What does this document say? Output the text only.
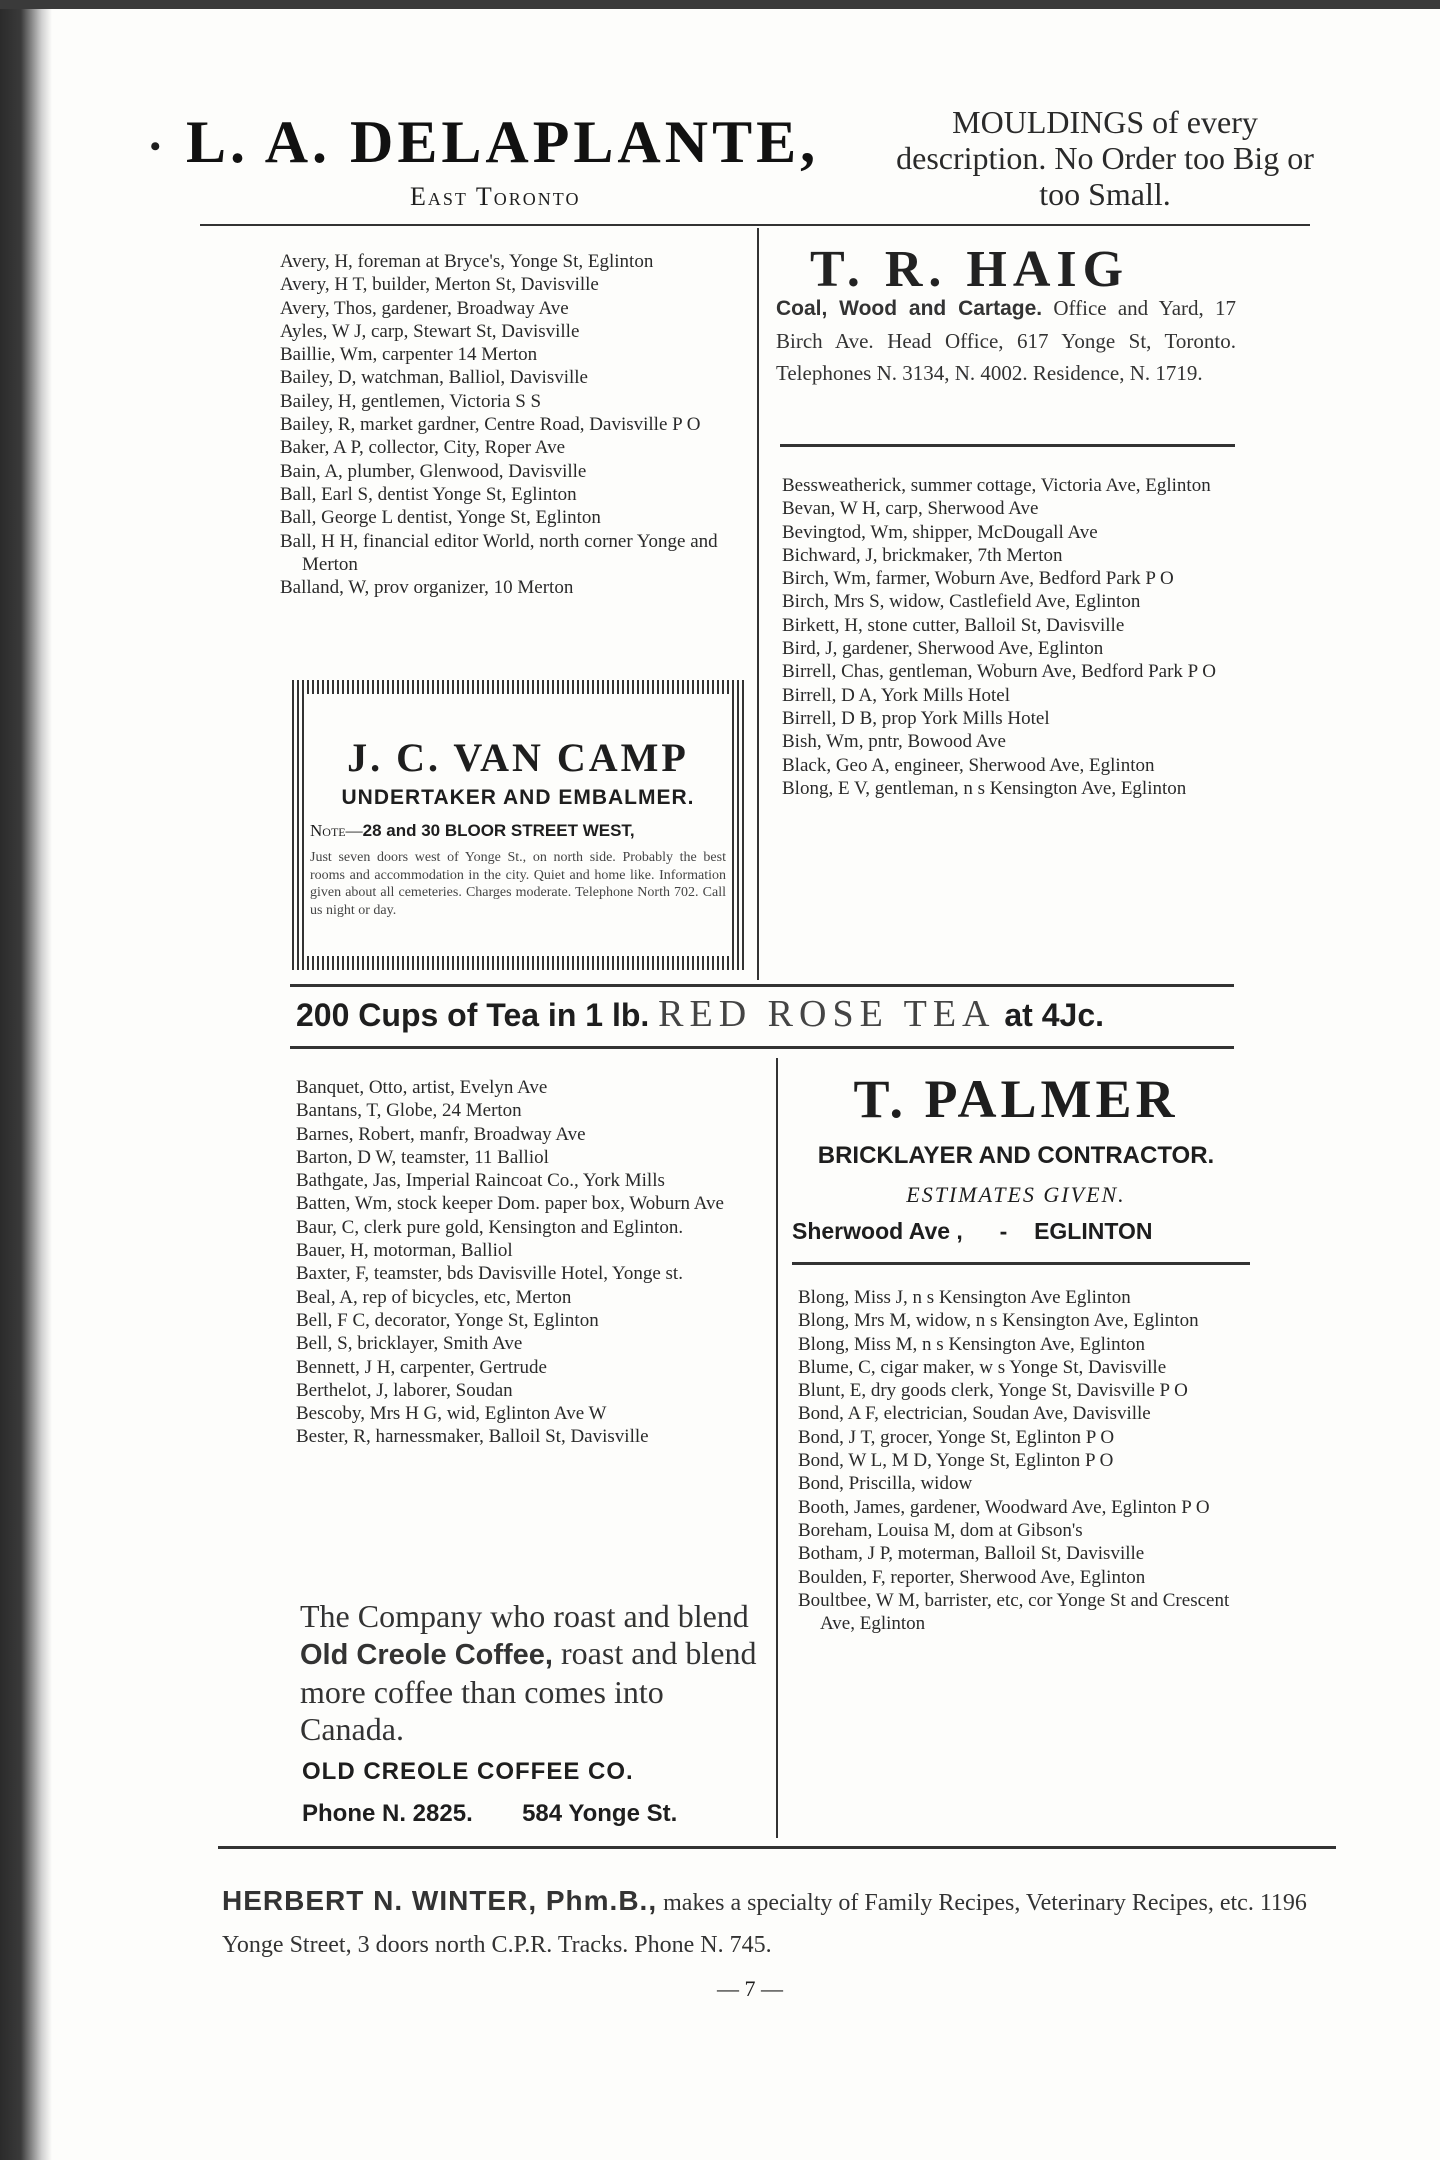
• L. A. DELAPLANTE,
East Toronto
MOULDINGS of every description. No Order too Big or too Small.
Avery, H, foreman at Bryce's, Yonge St, Eglinton
Avery, H T, builder, Merton St, Davisville
Avery, Thos, gardener, Broadway Ave
Ayles, W J, carp, Stewart St, Davisville
Baillie, Wm, carpenter 14 Merton
Bailey, D, watchman, Balliol, Davisville
Bailey, H, gentlemen, Victoria S S
Bailey, R, market gardner, Centre Road, Davisville P O
Baker, A P, collector, City, Roper Ave
Bain, A, plumber, Glenwood, Davisville
Ball, Earl S, dentist Yonge St, Eglinton
Ball, George L dentist, Yonge St, Eglinton
Ball, H H, financial editor World, north corner Yonge and Merton
Balland, W, prov organizer, 10 Merton
J. C. VAN CAMP
UNDERTAKER AND EMBALMER.
Note—28 and 30 BLOOR STREET WEST,
Just seven doors west of Yonge St., on north side. Probably the best rooms and accommodation in the city. Quiet and home like. Information given about all cemeteries. Charges moderate. Telephone North 702. Call us night or day.
T. R. HAIG
Coal, Wood and Cartage. Office and Yard, 17 Birch Ave. Head Office, 617 Yonge St, Toronto. Telephones N. 3134, N. 4002. Residence, N. 1719.
Bessweatherick, summer cottage, Victoria Ave, Eglinton
Bevan, W H, carp, Sherwood Ave
Bevingtod, Wm, shipper, McDougall Ave
Bichward, J, brickmaker, 7th Merton
Birch, Wm, farmer, Woburn Ave, Bedford Park P O
Birch, Mrs S, widow, Castlefield Ave, Eglinton
Birkett, H, stone cutter, Balloil St, Davisville
Bird, J, gardener, Sherwood Ave, Eglinton
Birrell, Chas, gentleman, Woburn Ave, Bedford Park P O
Birrell, D A, York Mills Hotel
Birrell, D B, prop York Mills Hotel
Bish, Wm, pntr, Bowood Ave
Black, Geo A, engineer, Sherwood Ave, Eglinton
Blong, E V, gentleman, n s Kensington Ave, Eglinton
200 Cups of Tea in 1 lb. RED ROSE TEA at 4Jc.
Banquet, Otto, artist, Evelyn Ave
Bantans, T, Globe, 24 Merton
Barnes, Robert, manfr, Broadway Ave
Barton, D W, teamster, 11 Balliol
Bathgate, Jas, Imperial Raincoat Co., York Mills
Batten, Wm, stock keeper Dom. paper box, Woburn Ave
Baur, C, clerk pure gold, Kensington and Eglinton.
Bauer, H, motorman, Balliol
Baxter, F, teamster, bds Davisville Hotel, Yonge st.
Beal, A, rep of bicycles, etc, Merton
Bell, F C, decorator, Yonge St, Eglinton
Bell, S, bricklayer, Smith Ave
Bennett, J H, carpenter, Gertrude
Berthelot, J, laborer, Soudan
Bescoby, Mrs H G, wid, Eglinton Ave W
Bester, R, harnessmaker, Balloil St, Davisville
The Company who roast and blend Old Creole Coffee, roast and blend more coffee than comes into Canada.
OLD CREOLE COFFEE CO.
Phone N. 2825. 584 Yonge St.
T. PALMER
BRICKLAYER AND CONTRACTOR.
ESTIMATES GIVEN.
Sherwood Ave , - EGLINTON
Blong, Miss J, n s Kensington Ave Eglinton
Blong, Mrs M, widow, n s Kensington Ave, Eglinton
Blong, Miss M, n s Kensington Ave, Eglinton
Blume, C, cigar maker, w s Yonge St, Davisville
Blunt, E, dry goods clerk, Yonge St, Davisville P O
Bond, A F, electrician, Soudan Ave, Davisville
Bond, J T, grocer, Yonge St, Eglinton P O
Bond, W L, M D, Yonge St, Eglinton P O
Bond, Priscilla, widow
Booth, James, gardener, Woodward Ave, Eglinton P O
Boreham, Louisa M, dom at Gibson's
Botham, J P, moterman, Balloil St, Davisville
Boulden, F, reporter, Sherwood Ave, Eglinton
Boultbee, W M, barrister, etc, cor Yonge St and Crescent Ave, Eglinton
HERBERT N. WINTER, Phm.B., makes a specialty of Family Recipes, Veterinary Recipes, etc. 1196 Yonge Street, 3 doors north C.P.R. Tracks. Phone N. 745.
— 7 —
